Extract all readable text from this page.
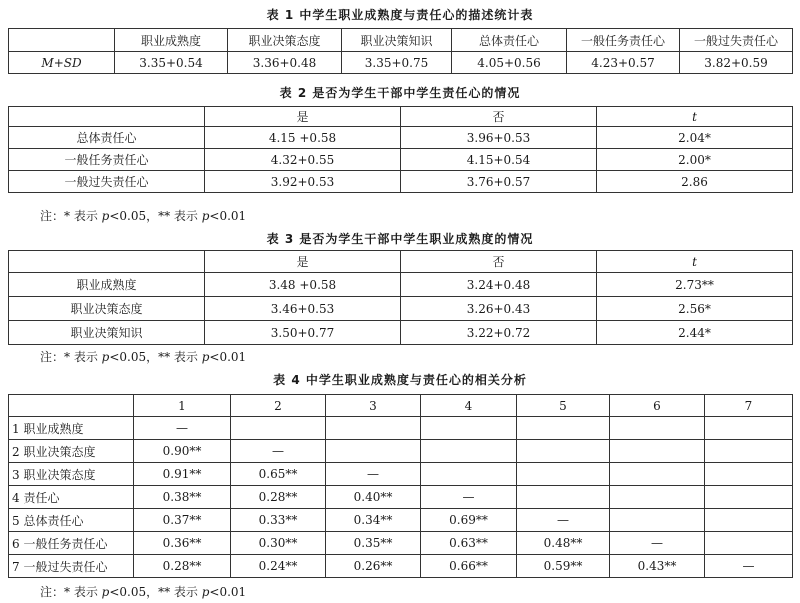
表 1 中学生职业成熟度与责任心的描述统计表
	职业成熟度	职业决策态度	职业决策知识	总体责任心	一般任务责任心	一般过失责任心
M+SD	3.35+0.54	3.36+0.48	3.35+0.75	4.05+0.56	4.23+0.57	3.82+0.59
表 2 是否为学生干部中学生责任心的情况
	是	否	t
总体责任心	4.15 +0.58	3.96+0.53	2.04*
一般任务责任心	4.32+0.55	4.15+0.54	2.00*
一般过失责任心	3.92+0.53	3.76+0.57	2.86
注：* 表示 p<0.05，** 表示 p<0.01
表 3 是否为学生干部中学生职业成熟度的情况
	是	否	t
职业成熟度	3.48 +0.58	3.24+0.48	2.73**
职业决策态度	3.46+0.53	3.26+0.43	2.56*
职业决策知识	3.50+0.77	3.22+0.72	2.44*
注：* 表示 p<0.05，** 表示 p<0.01
表 4 中学生职业成熟度与责任心的相关分析
	1	2	3	4	5	6	7
1 职业成熟度	—						
2 职业决策态度	0.90**	—					
3 职业决策态度	0.91**	0.65**	—				
4 责任心	0.38**	0.28**	0.40**	—			
5 总体责任心	0.37**	0.33**	0.34**	0.69**	—		
6 一般任务责任心	0.36**	0.30**	0.35**	0.63**	0.48**	—	
7 一般过失责任心	0.28**	0.24**	0.26**	0.66**	0.59**	0.43**	—
注：* 表示 p<0.05，** 表示 p<0.01
